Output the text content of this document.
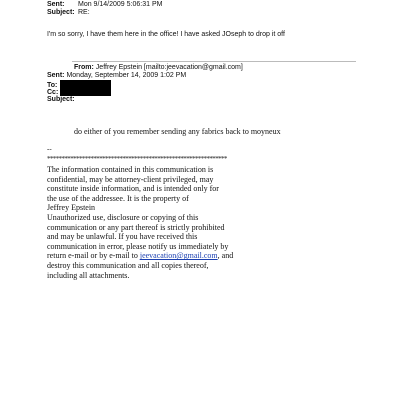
Sent: Mon 9/14/2009 5:06:31 PM
Subject: RE:
I'm so sorry, I have them here in the office! I have asked JOseph to drop it off
From: Jeffrey Epstein [mailto:jeevacation@gmail.com]
Sent: Monday, September 14, 2009 1:02 PM
To:
Cc:
Subject:
do either of you remember sending any fabrics back to moyneux
--
**************************************************************
The information contained in this communication is
confidential, may be attorney-client privileged, may
constitute inside information, and is intended only for
the use of the addressee. It is the property of
Jeffrey Epstein
Unauthorized use, disclosure or copying of this
communication or any part thereof is strictly prohibited
and may be unlawful. If you have received this
communication in error, please notify us immediately by
return e-mail or by e-mail to jeevacation@gmail.com, and
destroy this communication and all copies thereof,
including all attachments.
